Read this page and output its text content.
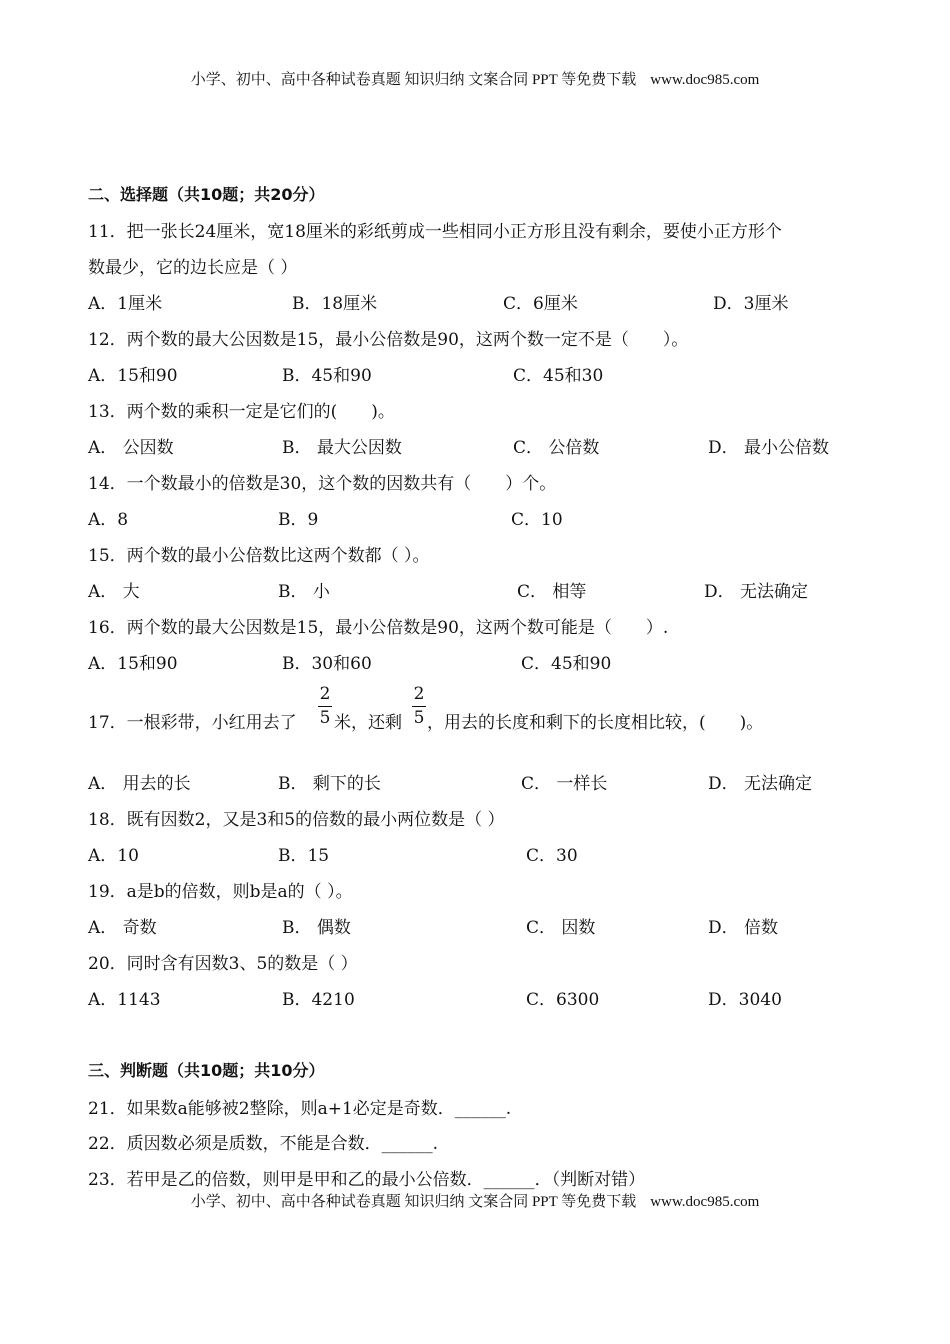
小学、初中、高中各种试卷真题 知识归纳 文案合同 PPT 等免费下载 www.doc985.com
二、选择题（共10题；共20分）
11．把一张长24厘米，宽18厘米的彩纸剪成一些相同小正方形且没有剩余，要使小正方形个
数最少，它的边长应是（ ）
A．1厘米	B．18厘米	C．6厘米	D．3厘米
12．两个数的最大公因数是15，最小公倍数是90，这两个数一定不是（　　）。
A．15和90	B．45和90	C．45和30
13．两个数的乘积一定是它们的(　　)。
A． 公因数	B． 最大公因数	C． 公倍数	D． 最小公倍数
14．一个数最小的倍数是30，这个数的因数共有（　　）个。
A．8	B．9	C．10
15．两个数的最小公倍数比这两个数都（ ）。
A． 大	B． 小	C． 相等	D． 无法确定
16．两个数的最大公因数是15，最小公倍数是90，这两个数可能是（　　）.
A．15和90	B．30和60	C．45和90
17．一根彩带，小红用去了
2
5 米，还剩
2
5 ，用去的长度和剩下的长度相比较，(　　)。
A． 用去的长	B． 剩下的长	C． 一样长	D． 无法确定
18．既有因数2，又是3和5的倍数的最小两位数是（ ）
A．10	B．15	C．30
19．a是b的倍数，则b是a的（ ）。
A． 奇数	B． 偶数	C． 因数	D． 倍数
20．同时含有因数3、5的数是（ ）
A．1143	B．4210	C．6300	D．3040
三、判断题（共10题；共10分）
21．如果数a能够被2整除，则a+1必定是奇数．______.
22．质因数必须是质数，不能是合数．______.
23．若甲是乙的倍数，则甲是甲和乙的最小公倍数．______．（判断对错）
小学、初中、高中各种试卷真题 知识归纳 文案合同 PPT 等免费下载 www.doc985.com
